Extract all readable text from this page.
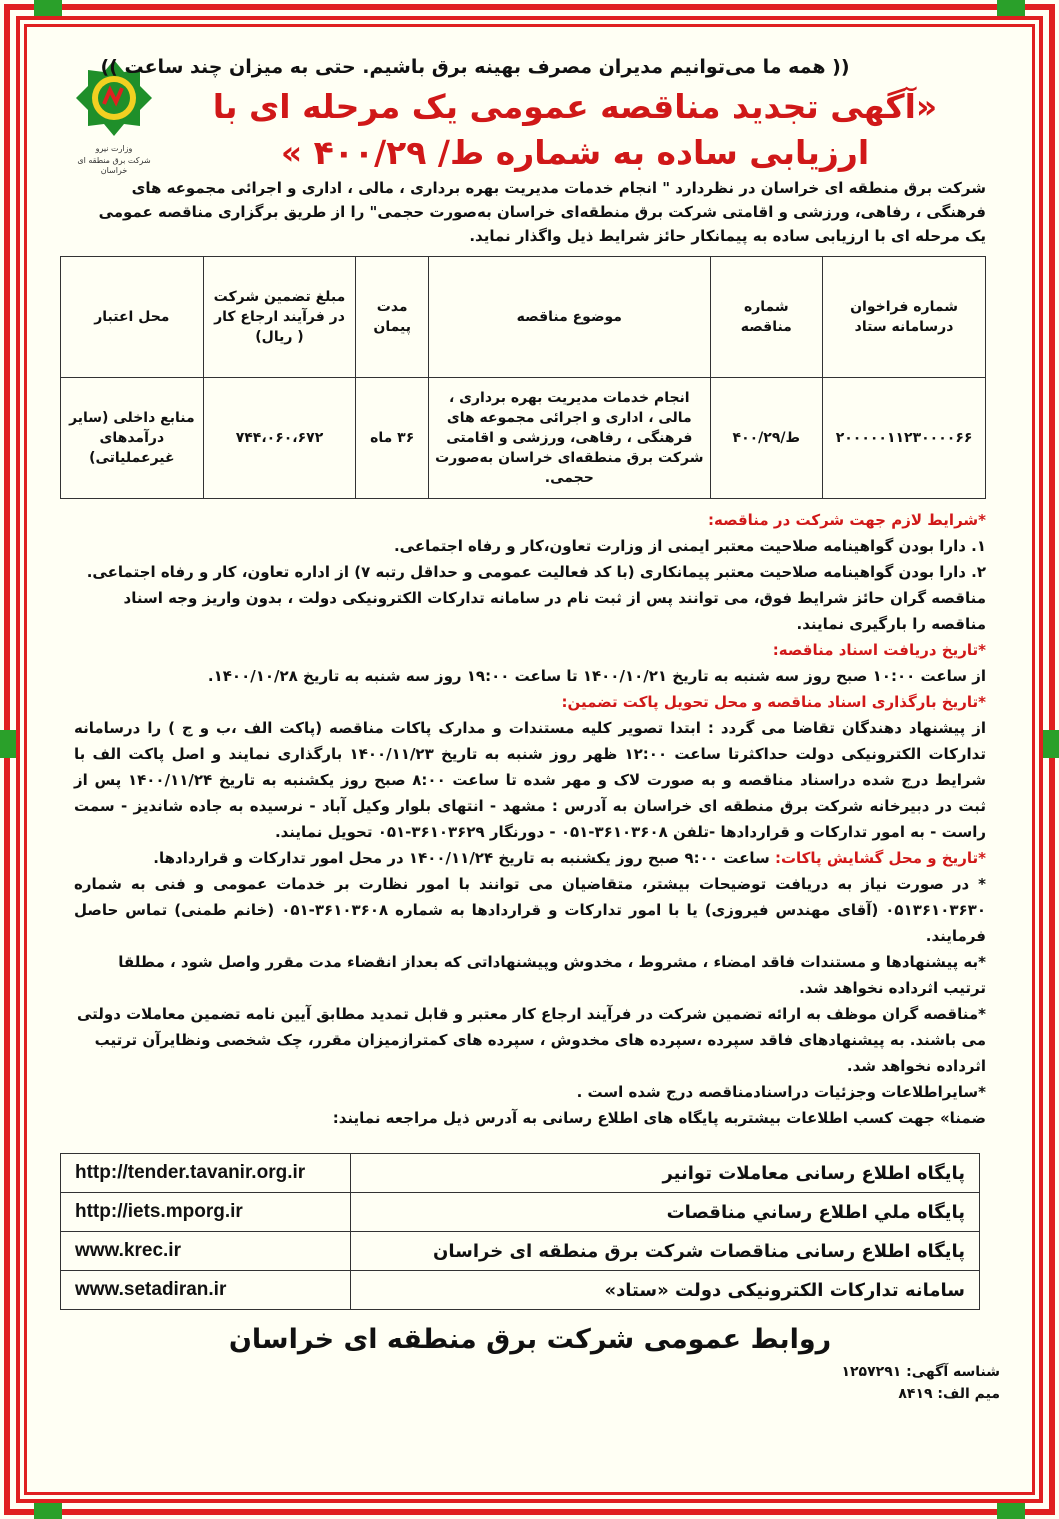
وزارت نیرو
شرکت برق منطقه ای خراسان
(( همه ما می‌توانیم مدیران مصرف بهینه برق باشیم. حتی به میزان چند ساعت ))
«آگهی تجدید مناقصه عمومی یک مرحله ای با
ارزیابی ساده به شماره ط/ ۴۰۰/۲۹ »

شرکت برق منطقه ای خراسان در نظردارد " انجام خدمات مدیریت بهره برداری ، مالی ، اداری و اجرائی مجموعه های فرهنگی ، رفاهی، ورزشی و اقامتی شرکت برق منطقه‌ای خراسان به‌صورت حجمی" را از طریق برگزاری مناقصه عمومی یک مرحله ای با ارزیابی ساده به پیمانکار حائز شرایط ذیل واگذار نماید.

شماره فراخوان درسامانه ستاد	شماره مناقصه	موضوع مناقصه	مدت پیمان	مبلغ تضمین شرکت در فرآیند ارجاع کار ( ریال)	محل اعتبار
۲۰۰۰۰۰۱۱۲۳۰۰۰۰۶۶	ط/۴۰۰/۲۹	انجام خدمات مدیریت بهره برداری ، مالی ، اداری و اجرائی مجموعه های فرهنگی ، رفاهی، ورزشی و اقامتی شرکت برق منطقه‌ای خراسان به‌صورت حجمی.	۳۶ ماه	۷۴۴،۰۶۰،۶۷۲	منابع داخلی (سایر درآمدهای غیرعملیاتی)
*شرایط لازم جهت شرکت در مناقصه:
۱. دارا بودن گواهینامه صلاحیت معتبر ایمنی از وزارت تعاون،کار و رفاه اجتماعی.
۲. دارا بودن گواهینامه صلاحیت معتبر پیمانکاری (با کد فعالیت عمومی و حداقل رتبه ۷) از اداره تعاون، کار و رفاه اجتماعی.
مناقصه گران حائز شرایط فوق، می توانند پس از ثبت نام در سامانه تدارکات الکترونیکی دولت ، بدون واریز وجه اسناد مناقصه را بارگیری نمایند.
*تاریخ دریافت اسناد مناقصه:
از ساعت ۱۰:۰۰ صبح روز سه شنبه به تاریخ ۱۴۰۰/۱۰/۲۱ تا ساعت ۱۹:۰۰ روز سه شنبه به تاریخ ۱۴۰۰/۱۰/۲۸.
*تاریخ بارگذاری اسناد مناقصه و محل تحویل پاکت تضمین:
از پیشنهاد دهندگان تقاضا می گردد : ابتدا تصویر کلیه مستندات و مدارک پاکات مناقصه (پاکت الف ،ب و ج ) را درسامانه تدارکات الکترونیکی دولت حداکثرتا ساعت ۱۲:۰۰ ظهر روز شنبه به تاریخ ۱۴۰۰/۱۱/۲۳ بارگذاری نمایند و اصل پاکت الف با شرایط درج شده دراسناد مناقصه و به صورت لاک و مهر شده تا ساعت ۸:۰۰ صبح روز یکشنبه به تاریخ ۱۴۰۰/۱۱/۲۴ پس از ثبت در دبیرخانه شرکت برق منطقه ای خراسان به آدرس : مشهد - انتهای بلوار وکیل آباد - نرسیده به جاده شاندیز - سمت راست - به امور تدارکات و قراردادها -تلفن ۳۶۱۰۳۶۰۸-۰۵۱ - دورنگار ۳۶۱۰۳۶۲۹-۰۵۱ تحویل نمایند.
*تاریخ و محل گشایش پاکات: ساعت ۹:۰۰ صبح روز یکشنبه به تاریخ ۱۴۰۰/۱۱/۲۴ در محل امور تدارکات و قراردادها.
* در صورت نیاز به دریافت توضیحات بیشتر، متقاضیان می توانند با امور نظارت بر خدمات عمومی و فنی به شماره ۰۵۱۳۶۱۰۳۶۳۰ (آقای مهندس فیروزی) یا با امور تدارکات و قراردادها به شماره ۳۶۱۰۳۶۰۸-۰۵۱ (خانم طمنی) تماس حاصل فرمایند.
*به پیشنهادها و مستندات فاقد امضاء ، مشروط ، مخدوش وپیشنهاداتی که بعداز انقضاء مدت مقرر واصل شود ، مطلقا ترتیب اثرداده نخواهد شد.
*مناقصه گران موظف به ارائه تضمین شرکت در فرآیند ارجاع کار معتبر و قابل تمدید مطابق آیین نامه تضمین معاملات دولتی می باشند. به پیشنهادهای فاقد سپرده ،سپرده های مخدوش ، سپرده های کمترازمیزان مقرر، چک شخصی ونظایرآن ترتیب اثرداده نخواهد شد.
*سایراطلاعات وجزئیات دراسنادمناقصه درج شده است .
ضمنا» جهت کسب اطلاعات بیشتربه پایگاه های اطلاع رسانی به آدرس ذیل مراجعه نمایند:
پایگاه اطلاع رسانی معاملات توانیر	http://tender.tavanir.org.ir
پایگاه ملي اطلاع رساني مناقصات	http://iets.mporg.ir
پایگاه اطلاع رسانی مناقصات شرکت برق منطقه ای خراسان	www.krec.ir
سامانه تدارکات الکترونیکی دولت «ستاد»	www.setadiran.ir
روابط عمومی شرکت برق منطقه ای خراسان
شناسه آگهی: ۱۲۵۷۲۹۱
میم الف: ۸۴۱۹
